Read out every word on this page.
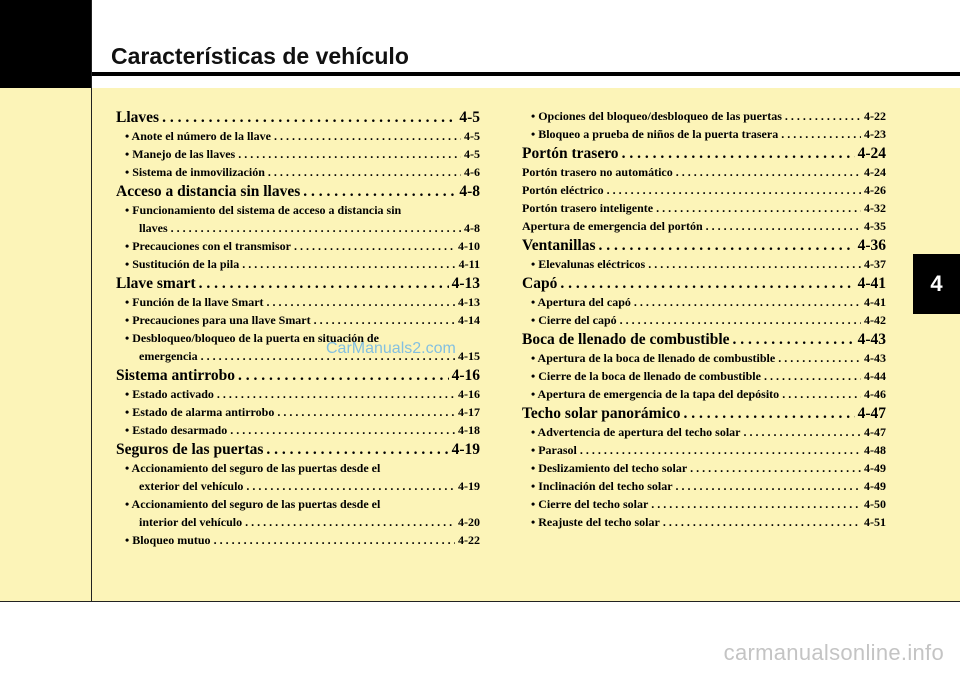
Características de vehículo
4
Llaves . . .	4-5
• Anote el número de la llave . . .	4-5
• Manejo de las llaves . . .	4-5
• Sistema de inmovilización . . .	4-6
Acceso a distancia sin llaves . . .	4-8
• Funcionamiento del sistema de acceso a distancia sin
llaves . . .	4-8
• Precauciones con el transmisor . . .	4-10
• Sustitución de la pila . . .	4-11
Llave smart . . .	4-13
• Función de la llave Smart . . .	4-13
• Precauciones para una llave Smart . . .	4-14
• Desbloqueo/bloqueo de la puerta en situación de
emergencia . . .	4-15
Sistema antirrobo . . .	4-16
• Estado activado . . .	4-16
• Estado de alarma antirrobo . . .	4-17
• Estado desarmado . . .	4-18
Seguros de las puertas . . .	4-19
• Accionamiento del seguro de las puertas desde el
exterior del vehículo . . .	4-19
• Accionamiento del seguro de las puertas desde el
interior del vehículo . . .	4-20
• Bloqueo mutuo . . .	4-22
• Opciones del bloqueo/desbloqueo de las puertas . . .	4-22
• Bloqueo a prueba de niños de la puerta trasera . . .	4-23
Portón trasero . . .	4-24
Portón trasero no automático . . .	4-24
Portón eléctrico . . .	4-26
Portón trasero inteligente . . .	4-32
Apertura de emergencia del portón . . .	4-35
Ventanillas . . .	4-36
• Elevalunas eléctricos . . .	4-37
Capó . . .	4-41
• Apertura del capó . . .	4-41
• Cierre del capó . . .	4-42
Boca de llenado de combustible . . .	4-43
• Apertura de la boca de llenado de combustible . . .	4-43
• Cierre de la boca de llenado de combustible . . .	4-44
• Apertura de emergencia de la tapa del depósito . . .	4-46
Techo solar panorámico . . .	4-47
• Advertencia de apertura del techo solar . . .	4-47
• Parasol . . .	4-48
• Deslizamiento del techo solar . . .	4-49
• Inclinación del techo solar . . .	4-49
• Cierre del techo solar . . .	4-50
• Reajuste del techo solar . . .	4-51
CarManuals2.com
carmanualsonline.info
